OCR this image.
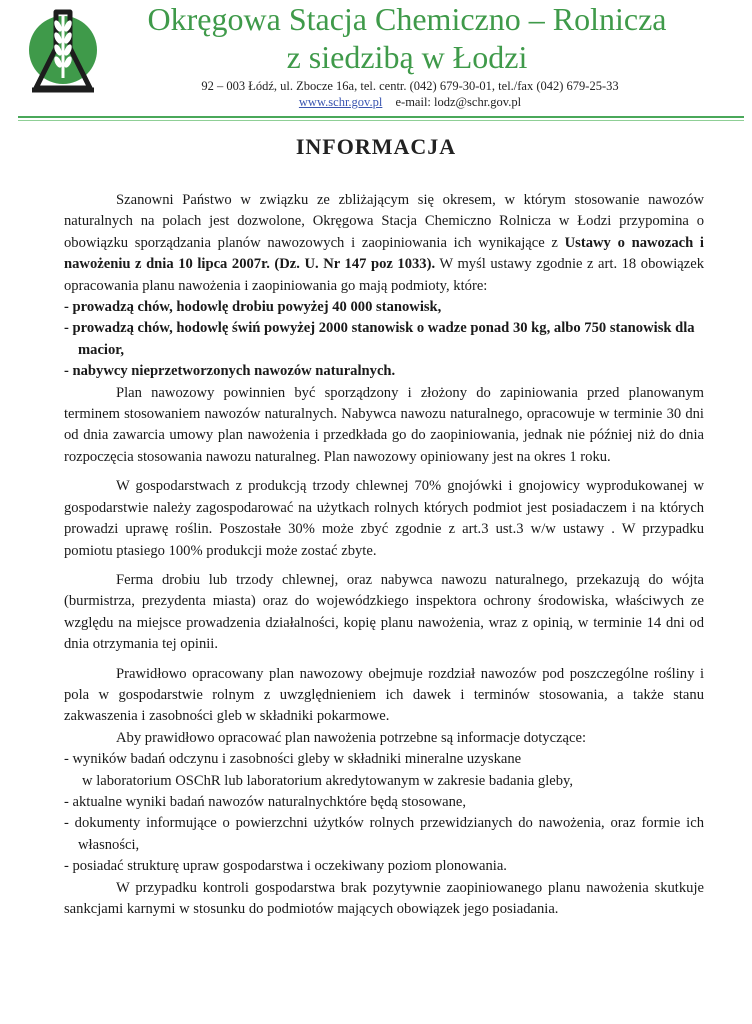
Okręgowa Stacja Chemiczno – Rolnicza
z siedzibą w Łodzi
92 – 003 Łódź, ul. Zbocze 16a, tel. centr. (042) 679-30-01, tel./fax (042) 679-25-33
www.schr.gov.pl e-mail: lodz@schr.gov.pl
INFORMACJA

Szanowni Państwo w związku ze zbliżającym się okresem, w którym stosowanie nawozów naturalnych na polach jest dozwolone, Okręgowa Stacja Chemiczno Rolnicza w Łodzi przypomina o obowiązku sporządzania planów nawozowych i zaopiniowania ich wynikające z Ustawy o nawozach i nawożeniu z dnia 10 lipca 2007r. (Dz. U. Nr 147 poz 1033). W myśl ustawy zgodnie z art. 18 obowiązek opracowania planu nawożenia i zaopiniowania go mają podmioty, które:

- prowadzą chów, hodowlę drobiu powyżej 40 000 stanowisk,

- prowadzą chów, hodowlę świń powyżej 2000 stanowisk o wadze ponad 30 kg, albo 750 stanowisk dla macior,

- nabywcy nieprzetworzonych nawozów naturalnych.

Plan nawozowy powinnien być sporządzony i złożony do zapiniowania przed planowanym terminem stosowaniem nawozów naturalnych. Nabywca nawozu naturalnego, opracowuje w terminie 30 dni od dnia zawarcia umowy plan nawożenia i przedkłada go do zaopiniowania, jednak nie później niż do dnia rozpoczęcia stosowania nawozu naturalneg. Plan nawozowy opiniowany jest na okres 1 roku.

W gospodarstwach z produkcją trzody chlewnej 70% gnojówki i gnojowicy wyprodukowanej w gospodarstwie należy zagospodarować na użytkach rolnych których podmiot jest posiadaczem i na których prowadzi uprawę roślin. Poszostałe 30% może zbyć zgodnie z art.3 ust.3 w/w ustawy . W przypadku pomiotu ptasiego 100% produkcji może zostać zbyte.

Ferma drobiu lub trzody chlewnej, oraz nabywca nawozu naturalnego, przekazują do wójta (burmistrza, prezydenta miasta) oraz do wojewódzkiego inspektora ochrony środowiska, właściwych ze względu na miejsce prowadzenia działalności, kopię planu nawożenia, wraz z opinią, w terminie 14 dni od dnia otrzymania tej opinii.

Prawidłowo opracowany plan nawozowy obejmuje rozdział nawozów pod poszczególne rośliny i pola w gospodarstwie rolnym z uwzględnieniem ich dawek i terminów stosowania, a także stanu zakwaszenia i zasobności gleb w składniki pokarmowe.

Aby prawidłowo opracować plan nawożenia potrzebne są informacje dotyczące:

- wyników badań odczynu i zasobności gleby w składniki mineralne uzyskane

w laboratorium OSChR lub laboratorium akredytowanym w zakresie badania gleby,

- aktualne wyniki badań nawozów naturalnychktóre będą stosowane,

- dokumenty informujące o powierzchni użytków rolnych przewidzianych do nawożenia, oraz formie ich własności,

- posiadać strukturę upraw gospodarstwa i oczekiwany poziom plonowania.

W przypadku kontroli gospodarstwa brak pozytywnie zaopiniowanego planu nawożenia skutkuje sankcjami karnymi w stosunku do podmiotów mających obowiązek jego posiadania.
